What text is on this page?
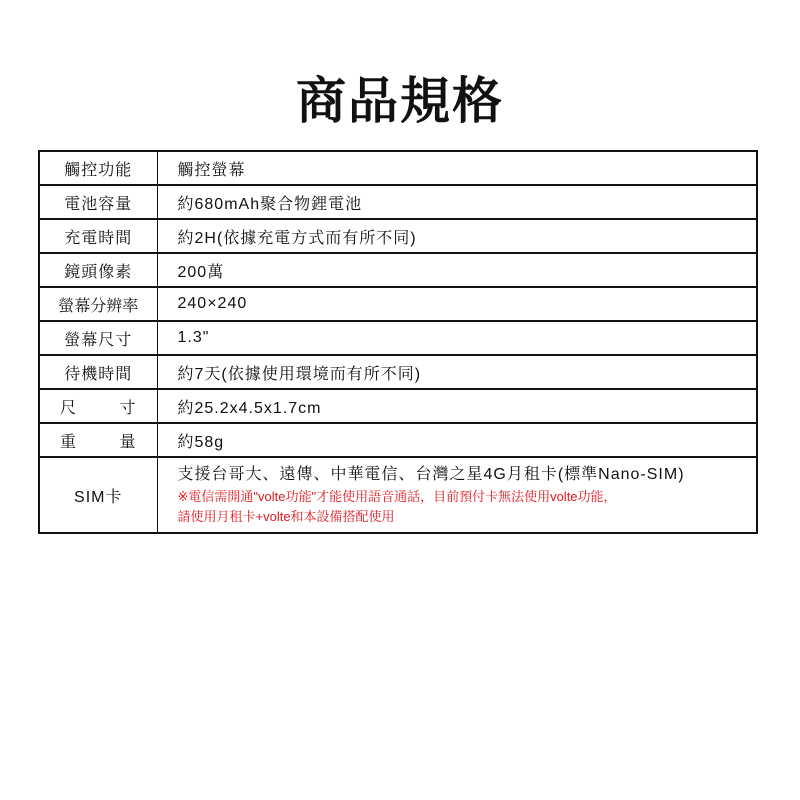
商品規格
觸控功能	觸控螢幕
電池容量	約680mAh聚合物鋰電池
充電時間	約2H(依據充電方式而有所不同)
鏡頭像素	200萬
螢幕分辨率	240×240
螢幕尺寸	1.3"
待機時間	約7天(依據使用環境而有所不同)
尺寸	約25.2x4.5x1.7cm
重量	約58g
SIM卡	支援台哥大、遠傳、中華電信、台灣之星4G月租卡(標準Nano-SIM)
※電信需開通"volte功能"才能使用語音通話，目前預付卡無法使用volte功能，
請使用月租卡+volte和本設備搭配使用
